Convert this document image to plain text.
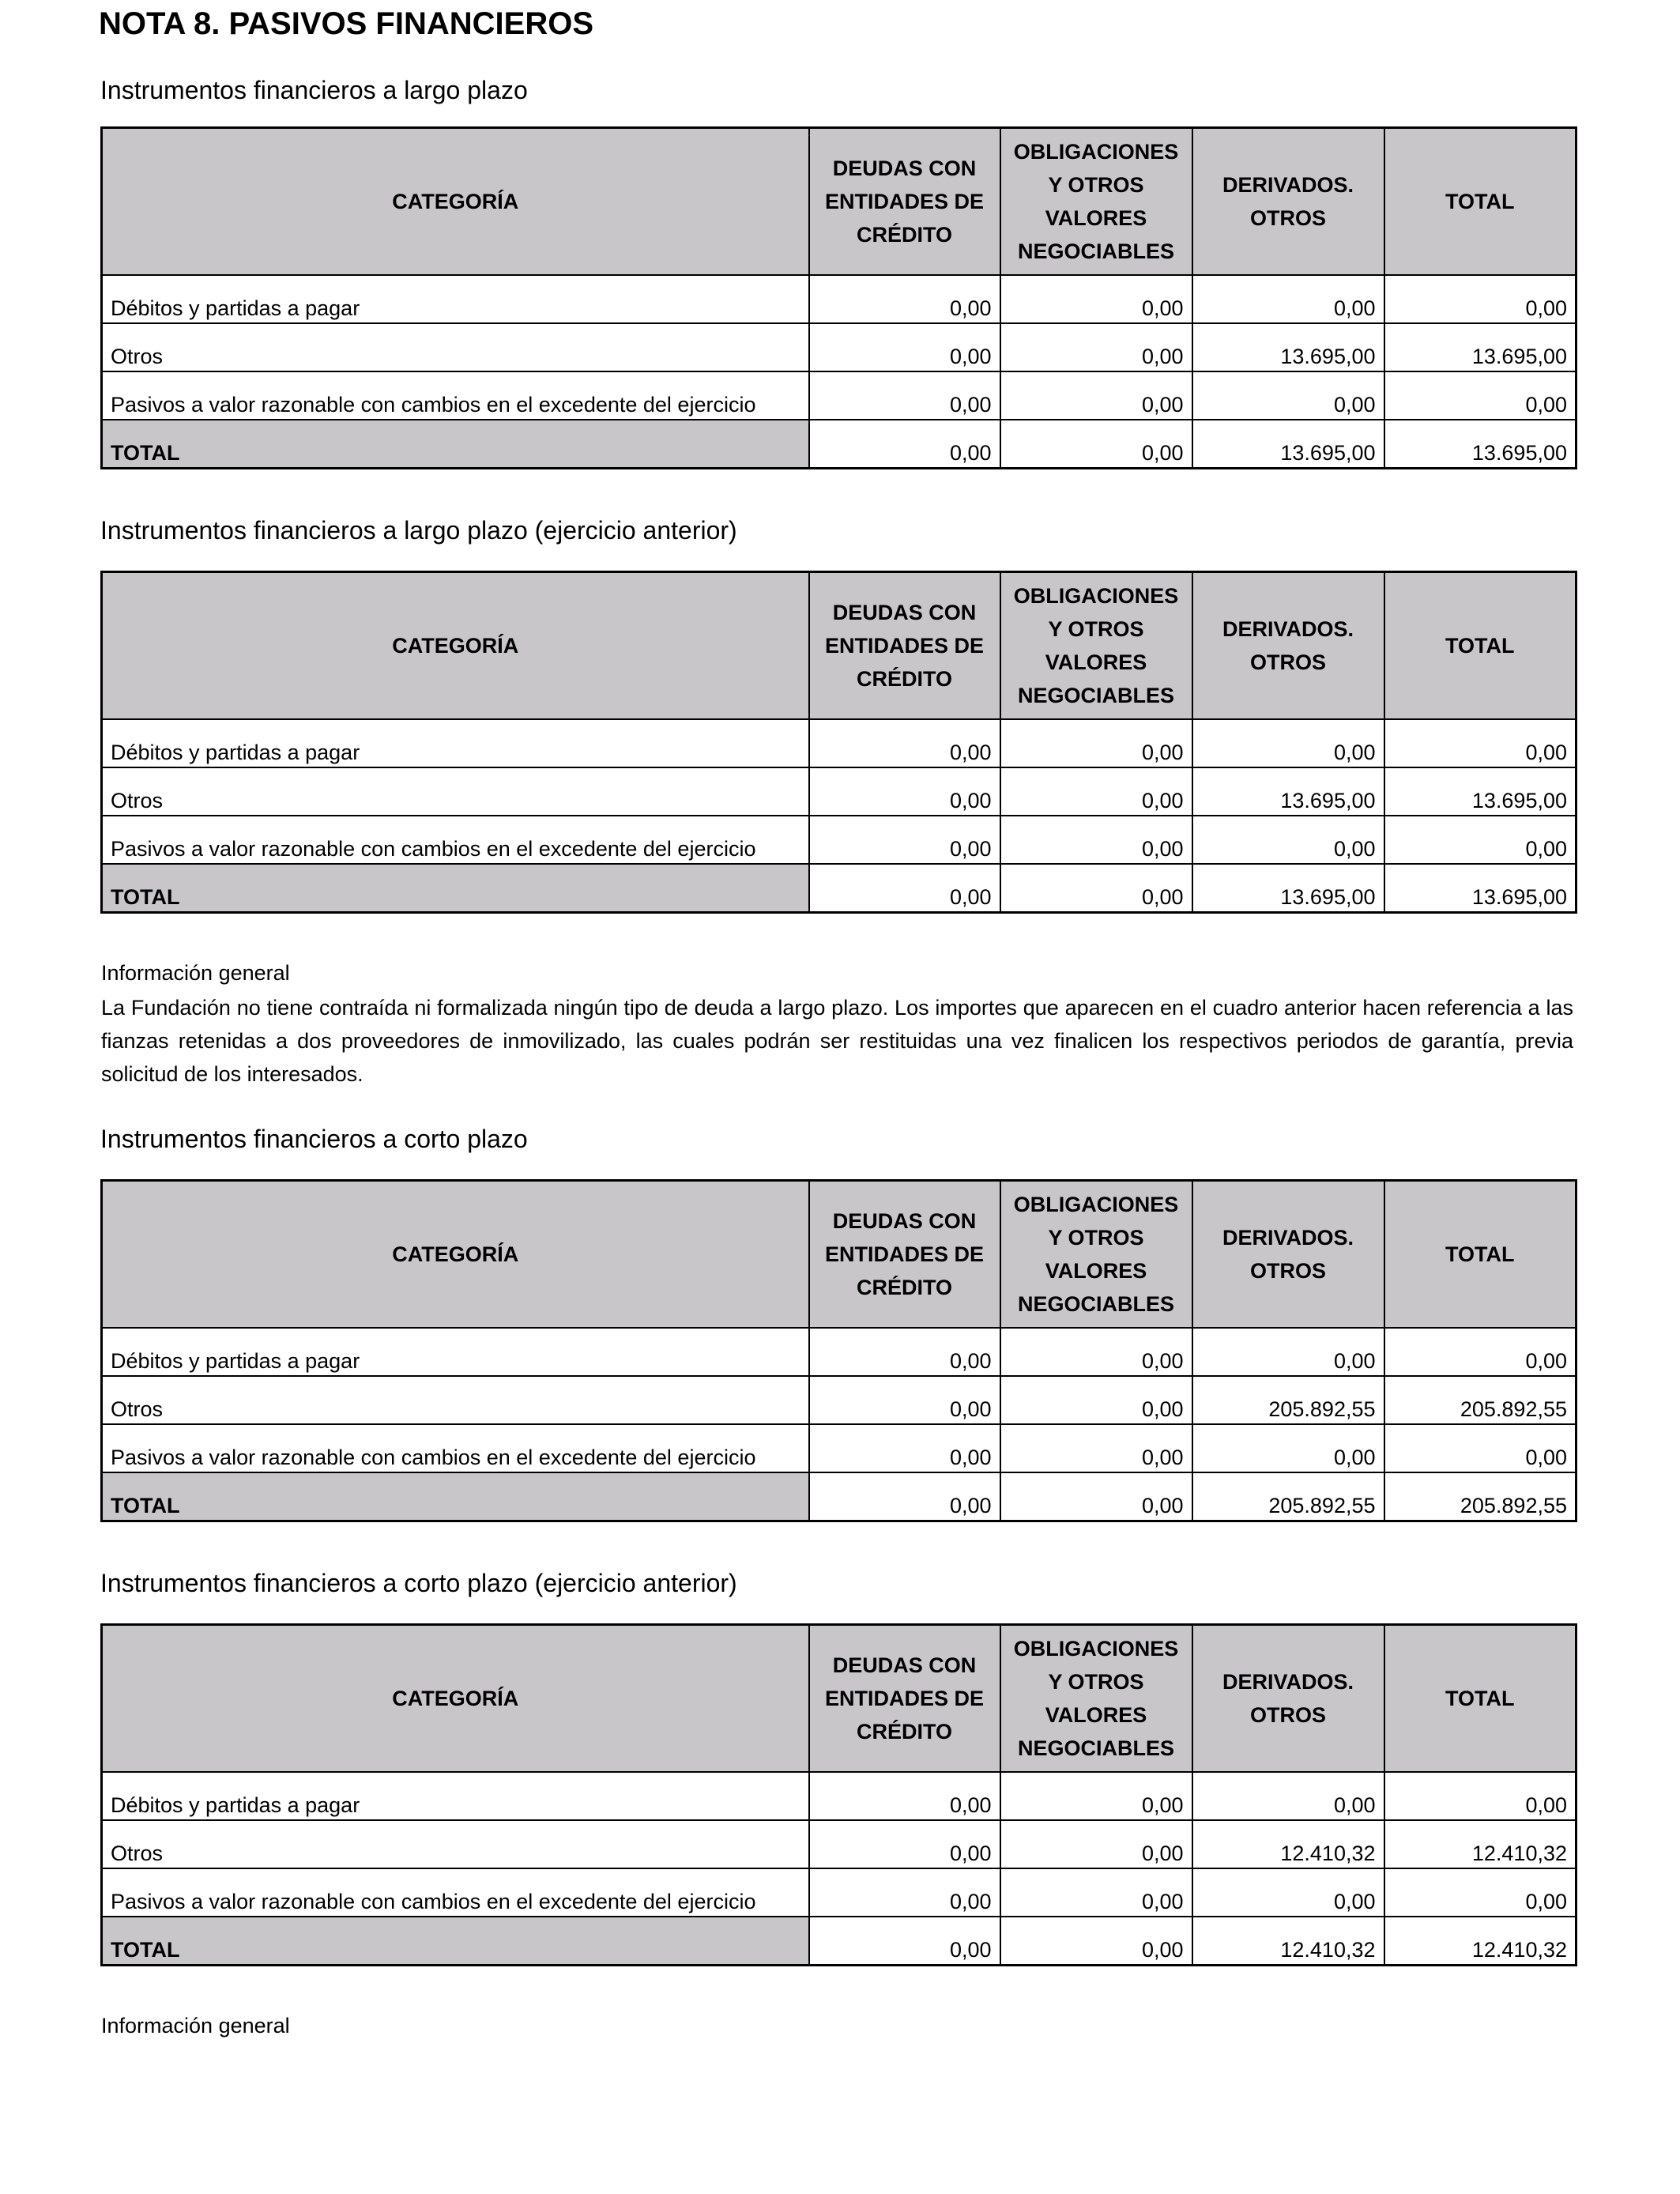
NOTA 8. PASIVOS FINANCIEROS
Instrumentos financieros a largo plazo
CATEGORÍA	DEUDAS CON ENTIDADES DE CRÉDITO	OBLIGACIONES Y OTROS VALORES NEGOCIABLES	DERIVADOS. OTROS	TOTAL
Débitos y partidas a pagar	0,00	0,00	0,00	0,00
Otros	0,00	0,00	13.695,00	13.695,00
Pasivos a valor razonable con cambios en el excedente del ejercicio	0,00	0,00	0,00	0,00
TOTAL	0,00	0,00	13.695,00	13.695,00
Instrumentos financieros a largo plazo (ejercicio anterior)
CATEGORÍA	DEUDAS CON ENTIDADES DE CRÉDITO	OBLIGACIONES Y OTROS VALORES NEGOCIABLES	DERIVADOS. OTROS	TOTAL
Débitos y partidas a pagar	0,00	0,00	0,00	0,00
Otros	0,00	0,00	13.695,00	13.695,00
Pasivos a valor razonable con cambios en el excedente del ejercicio	0,00	0,00	0,00	0,00
TOTAL	0,00	0,00	13.695,00	13.695,00

Información general

La Fundación no tiene contraída ni formalizada ningún tipo de deuda a largo plazo. Los importes que aparecen en el cuadro anterior hacen referencia a las fianzas retenidas a dos proveedores de inmovilizado, las cuales podrán ser restituidas una vez finalicen los respectivos periodos de garantía, previa solicitud de los interesados.

Instrumentos financieros a corto plazo
CATEGORÍA	DEUDAS CON ENTIDADES DE CRÉDITO	OBLIGACIONES Y OTROS VALORES NEGOCIABLES	DERIVADOS. OTROS	TOTAL
Débitos y partidas a pagar	0,00	0,00	0,00	0,00
Otros	0,00	0,00	205.892,55	205.892,55
Pasivos a valor razonable con cambios en el excedente del ejercicio	0,00	0,00	0,00	0,00
TOTAL	0,00	0,00	205.892,55	205.892,55
Instrumentos financieros a corto plazo (ejercicio anterior)
CATEGORÍA	DEUDAS CON ENTIDADES DE CRÉDITO	OBLIGACIONES Y OTROS VALORES NEGOCIABLES	DERIVADOS. OTROS	TOTAL
Débitos y partidas a pagar	0,00	0,00	0,00	0,00
Otros	0,00	0,00	12.410,32	12.410,32
Pasivos a valor razonable con cambios en el excedente del ejercicio	0,00	0,00	0,00	0,00
TOTAL	0,00	0,00	12.410,32	12.410,32

Información general
